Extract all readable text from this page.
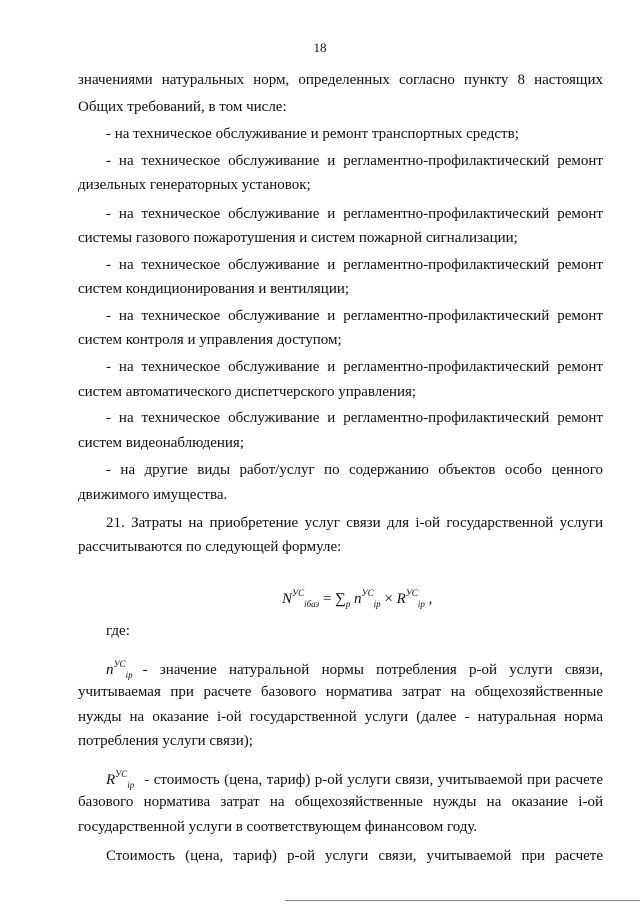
18
значениями натуральных норм, определенных согласно пункту 8 настоящих
Общих требований, в том числе:
- на техническое обслуживание и ремонт транспортных средств;
- на техническое обслуживание и регламентно-профилактический ремонт
дизельных генераторных установок;
- на техническое обслуживание и регламентно-профилактический ремонт
системы газового пожаротушения и систем пожарной сигнализации;
- на техническое обслуживание и регламентно-профилактический ремонт
систем кондиционирования и вентиляции;
- на техническое обслуживание и регламентно-профилактический ремонт
систем контроля и управления доступом;
- на техническое обслуживание и регламентно-профилактический ремонт
систем автоматического диспетчерского управления;
- на техническое обслуживание и регламентно-профилактический ремонт
систем видеонаблюдения;
- на другие виды работ/услуг по содержанию объектов особо ценного
движимого имущества.
21. Затраты на приобретение услуг связи для i-ой государственной услуги
рассчитываются по следующей формуле:
$N^{УС}_{iбаз} = \sum_p$ $n^{УС}_{ip} \times R^{УС}_{ip}$ ,
где:
$n^{УС}_{ip}$ - значение натуральной нормы потребления р-ой услуги связи,
учитываемая при расчете базового норматива затрат на общехозяйственные
нужды на оказание i-ой государственной услуги (далее - натуральная норма
потребления услуги связи);
$R^{УС}_{ip}$ - стоимость (цена, тариф) р-ой услуги связи, учитываемой при расчете
базового норматива затрат на общехозяйственные нужды на оказание i-ой
государственной услуги в соответствующем финансовом году.
Стоимость (цена, тариф) р-ой услуги связи, учитываемой при расчете
